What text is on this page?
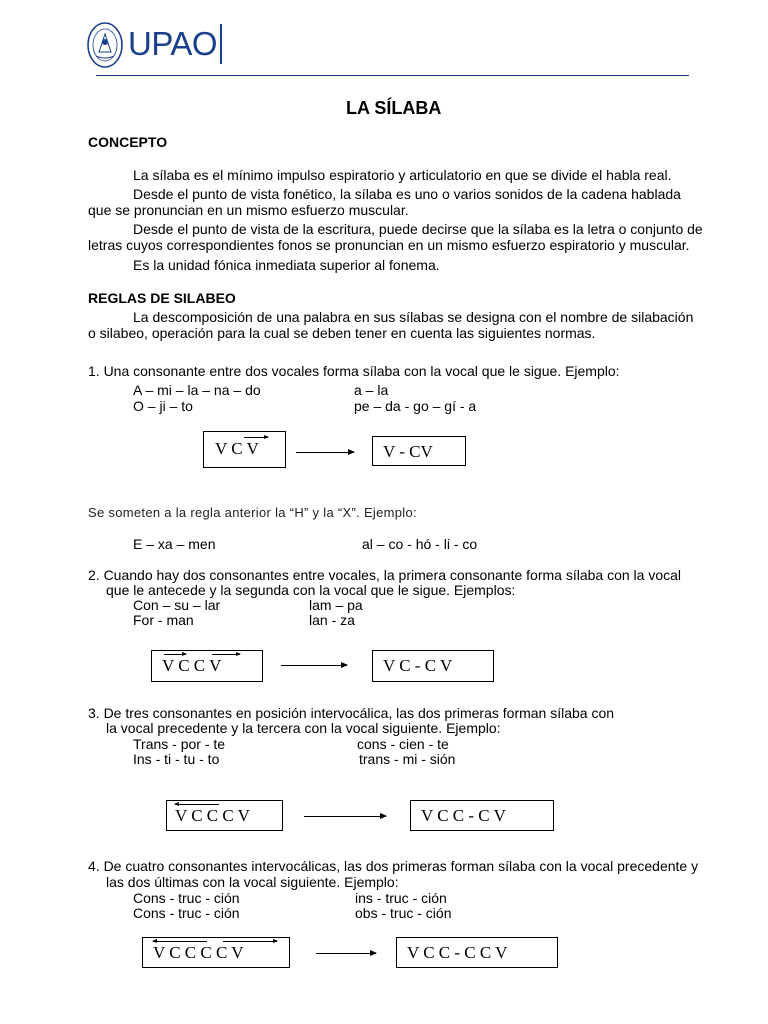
UPAO
LA SÍLABA
CONCEPTO
La sílaba es el mínimo impulso espiratorio y articulatorio en que se divide el habla real.
Desde el punto de vista fonético, la sílaba es uno o varios sonidos de la cadena hablada
que se pronuncian en un mismo esfuerzo muscular.
Desde el punto de vista de la escritura, puede decirse que la sílaba es la letra o conjunto de
letras cuyos correspondientes fonos se pronuncian en un mismo esfuerzo espiratorio y muscular.
Es la unidad fónica inmediata superior al fonema.
REGLAS DE SILABEO
La descomposición de una palabra en sus sílabas se designa con el nombre de silabación
o silabeo, operación para la cual se deben tener en cuenta las siguientes normas.
1. Una consonante entre dos vocales forma sílaba con la vocal que le sigue. Ejemplo:
A – mi – la – na – do	a – la
O – ji – to	pe – da - go – gí - a
V C V	V - CV
Se someten a la regla anterior la “H” y la “X”. Ejemplo:
E – xa – men	al – co - hó - li - co
2. Cuando hay dos consonantes entre vocales, la primera consonante forma sílaba con la vocal
que le antecede y la segunda con la vocal que le sigue. Ejemplos:
Con – su – lar	lam – pa
For - man	lan - za
V C C V	V C - C V
3. De tres consonantes en posición intervocálica, las dos primeras forman sílaba con
la vocal precedente y la tercera con la vocal siguiente. Ejemplo:
Trans - por - te	cons - cien - te
Ins - ti - tu - to	trans - mi - sión
V C C C V	V C C - C V
4. De cuatro consonantes intervocálicas, las dos primeras forman sílaba con la vocal precedente y
las dos últimas con la vocal siguiente. Ejemplo:
Cons - truc - ción	ins - truc - ción
Cons - truc - ción	obs - truc - ción
V C C C C V	V C C - C C V
